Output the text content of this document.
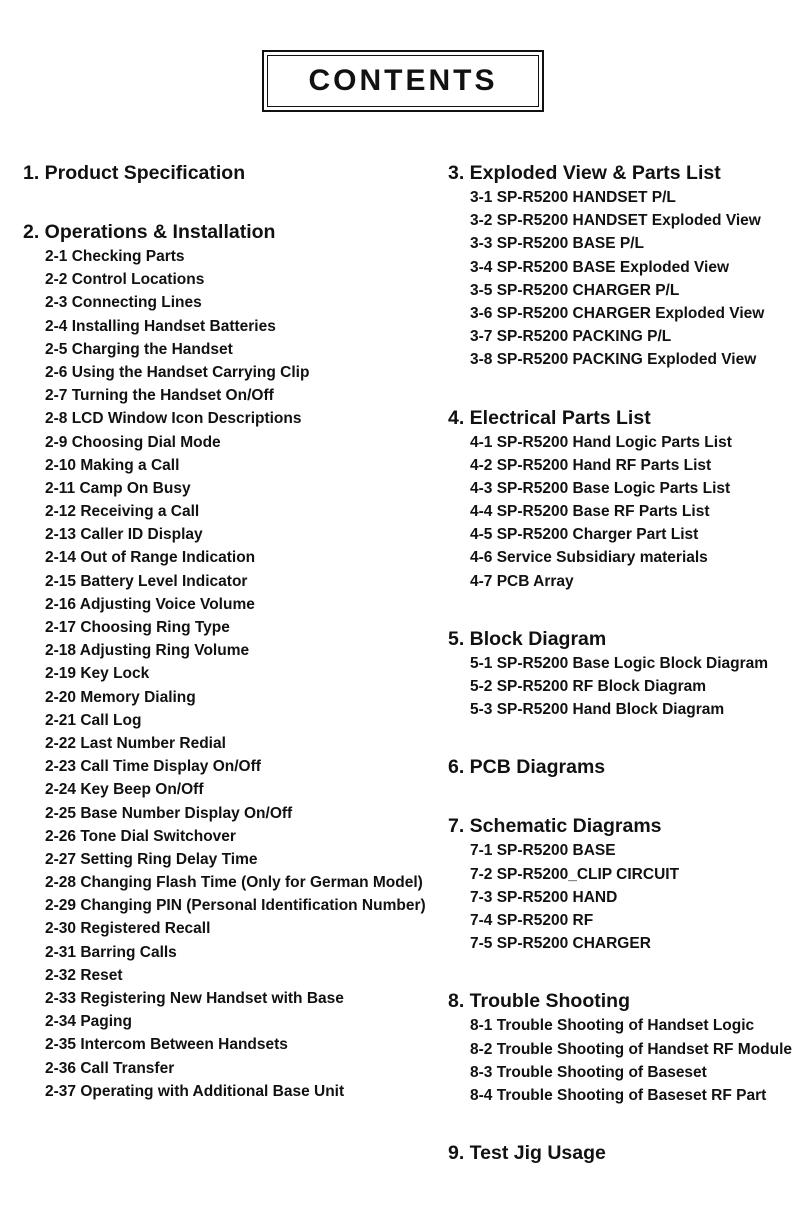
CONTENTS
1. Product Specification
2. Operations & Installation
2-1 Checking Parts
2-2 Control Locations
2-3 Connecting Lines
2-4 Installing Handset Batteries
2-5 Charging the Handset
2-6 Using the Handset Carrying Clip
2-7 Turning the Handset On/Off
2-8 LCD Window Icon Descriptions
2-9 Choosing Dial Mode
2-10 Making a Call
2-11 Camp On Busy
2-12 Receiving a Call
2-13 Caller ID Display
2-14 Out of Range Indication
2-15 Battery Level Indicator
2-16 Adjusting Voice Volume
2-17 Choosing Ring Type
2-18 Adjusting Ring Volume
2-19 Key Lock
2-20 Memory Dialing
2-21 Call Log
2-22 Last Number Redial
2-23 Call Time Display On/Off
2-24 Key Beep On/Off
2-25 Base Number Display On/Off
2-26 Tone Dial Switchover
2-27 Setting Ring Delay Time
2-28 Changing Flash Time (Only for German Model)
2-29 Changing PIN (Personal Identification Number)
2-30 Registered Recall
2-31 Barring Calls
2-32 Reset
2-33 Registering New Handset with Base
2-34 Paging
2-35 Intercom Between Handsets
2-36 Call Transfer
2-37 Operating with Additional Base Unit
3. Exploded View & Parts List
3-1 SP-R5200 HANDSET P/L
3-2 SP-R5200 HANDSET Exploded View
3-3 SP-R5200 BASE P/L
3-4 SP-R5200 BASE Exploded View
3-5 SP-R5200 CHARGER P/L
3-6 SP-R5200 CHARGER Exploded View
3-7 SP-R5200 PACKING P/L
3-8 SP-R5200 PACKING Exploded View
4. Electrical Parts List
4-1 SP-R5200 Hand Logic Parts List
4-2 SP-R5200 Hand RF Parts List
4-3 SP-R5200 Base Logic Parts List
4-4 SP-R5200 Base RF Parts List
4-5 SP-R5200 Charger Part List
4-6 Service Subsidiary materials
4-7 PCB Array
5. Block Diagram
5-1 SP-R5200 Base Logic Block Diagram
5-2 SP-R5200 RF Block Diagram
5-3 SP-R5200 Hand Block Diagram
6. PCB Diagrams
7. Schematic Diagrams
7-1 SP-R5200 BASE
7-2 SP-R5200_CLIP CIRCUIT
7-3 SP-R5200 HAND
7-4 SP-R5200 RF
7-5 SP-R5200 CHARGER
8. Trouble Shooting
8-1 Trouble Shooting of Handset Logic
8-2 Trouble Shooting of Handset RF Module
8-3 Trouble Shooting of Baseset
8-4 Trouble Shooting of Baseset RF Part
9. Test Jig Usage
